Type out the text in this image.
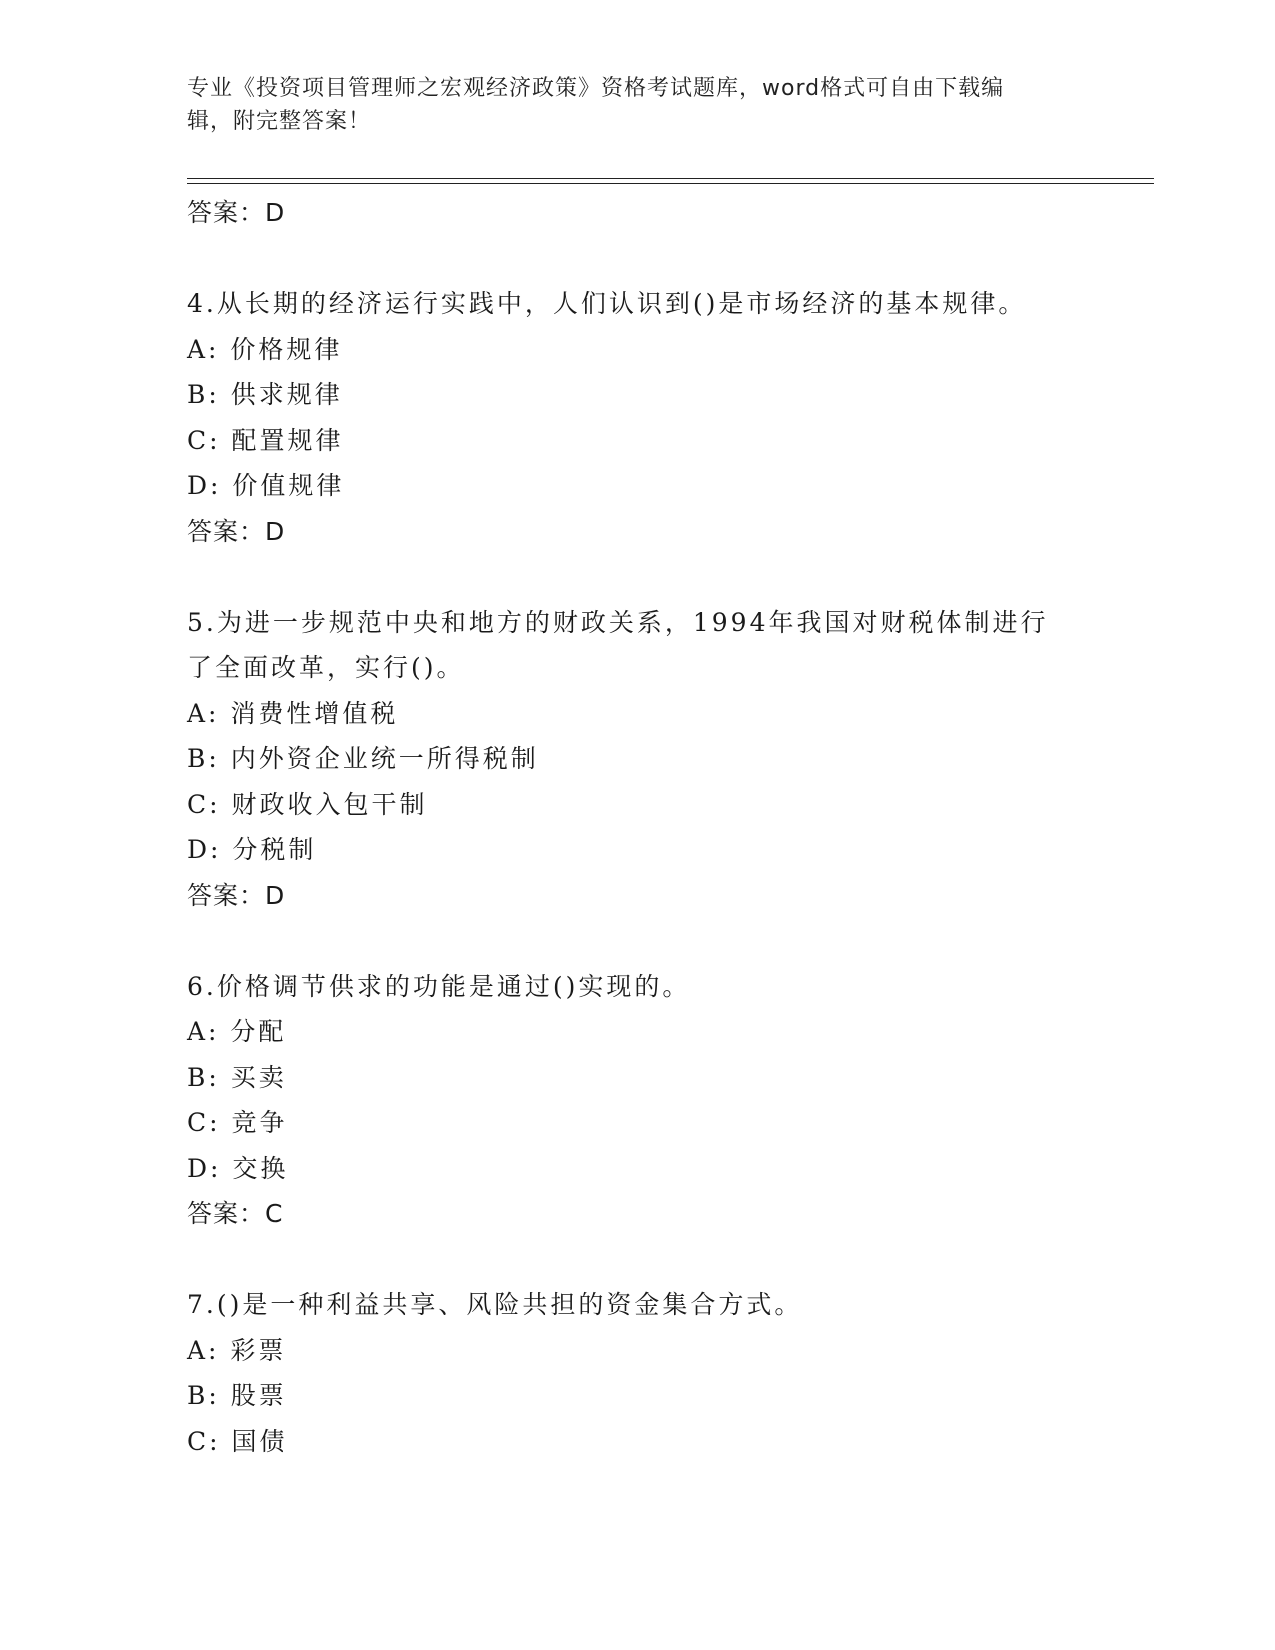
专业《投资项目管理师之宏观经济政策》资格考试题库，word格式可自由下载编
辑，附完整答案！
答案：D
4.从长期的经济运行实践中，人们认识到()是市场经济的基本规律。
A: 价格规律
B: 供求规律
C: 配置规律
D: 价值规律
答案：D
5.为进一步规范中央和地方的财政关系，1994年我国对财税体制进行
了全面改革，实行()。
A: 消费性增值税
B: 内外资企业统一所得税制
C: 财政收入包干制
D: 分税制
答案：D
6.价格调节供求的功能是通过()实现的。
A: 分配
B: 买卖
C: 竞争
D: 交换
答案：C
7.()是一种利益共享、风险共担的资金集合方式。
A: 彩票
B: 股票
C: 国债
